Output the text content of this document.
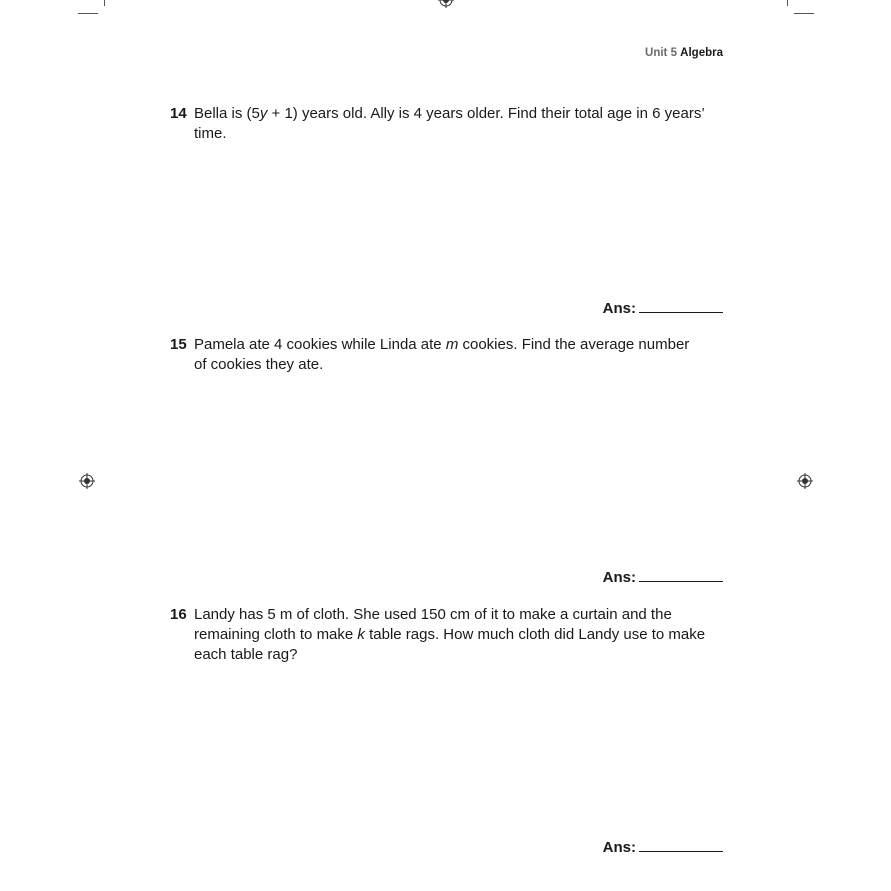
Unit 5 Algebra
14 Bella is (5y + 1) years old. Ally is 4 years older. Find their total age in 6 years’ time.
Ans:
15 Pamela ate 4 cookies while Linda ate m cookies. Find the average number of cookies they ate.
Ans:
16 Landy has 5 m of cloth. She used 150 cm of it to make a curtain and the remaining cloth to make k table rags. How much cloth did Landy use to make each table rag?
Ans:
